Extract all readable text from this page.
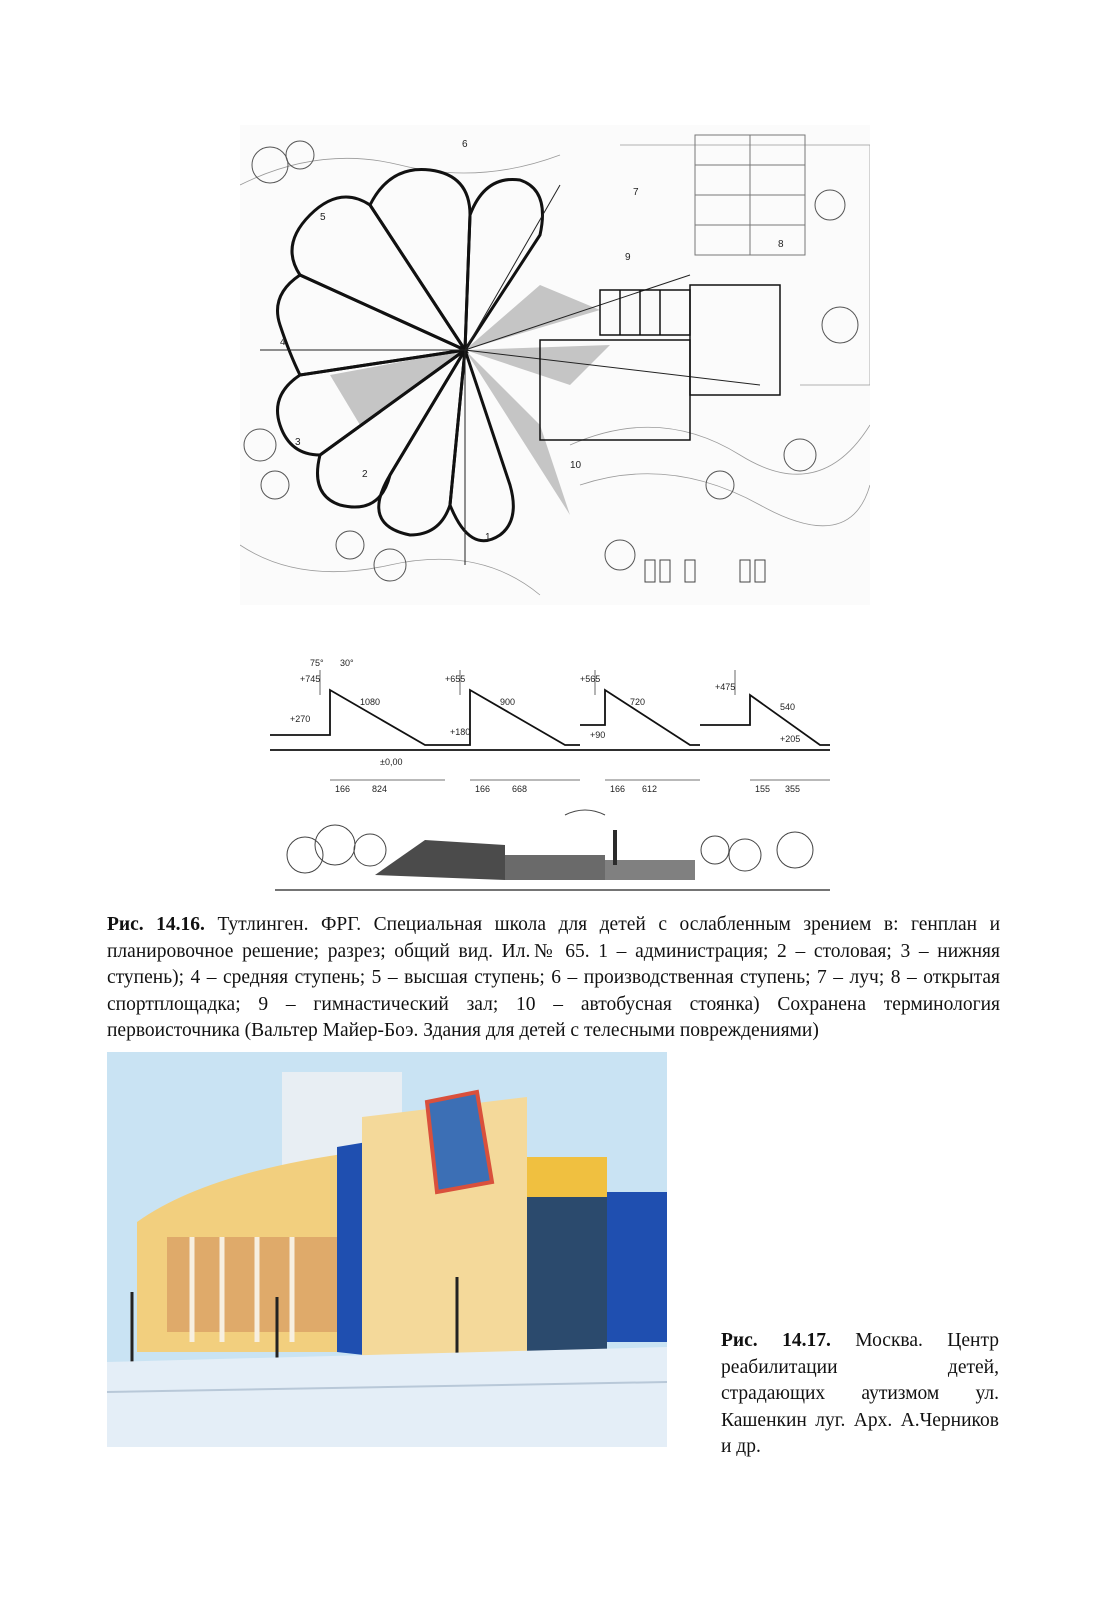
1
2
3
4
5
6
7
8
9
10
75° 30°
+745	+655	+565
+475
+270
+180	+90	+205
±0,00
1080	900	720	540
166 824	166 668	166 612	155 355
Рис. 14.16. Тутлинген. ФРГ. Специальная школа для детей с ослабленным зрением в: генплан и планировочное решение; разрез; общий вид. Ил.№ 65. 1 – администрация; 2 – столовая; 3 – нижняя ступень); 4 – средняя ступень; 5 – высшая ступень; 6 – производственная ступень; 7 – луч; 8 – открытая спортплощадка; 9 – гимнастический зал; 10 – автобусная стоянка) Сохранена терминология первоисточника (Вальтер Майер-Боэ. Здания для детей с телесными повреждениями)
Рис. 14.17. Москва. Центр реабилитации детей, страдающих аутизмом ул. Кашенкин луг. Арх. А.Черников и др.
